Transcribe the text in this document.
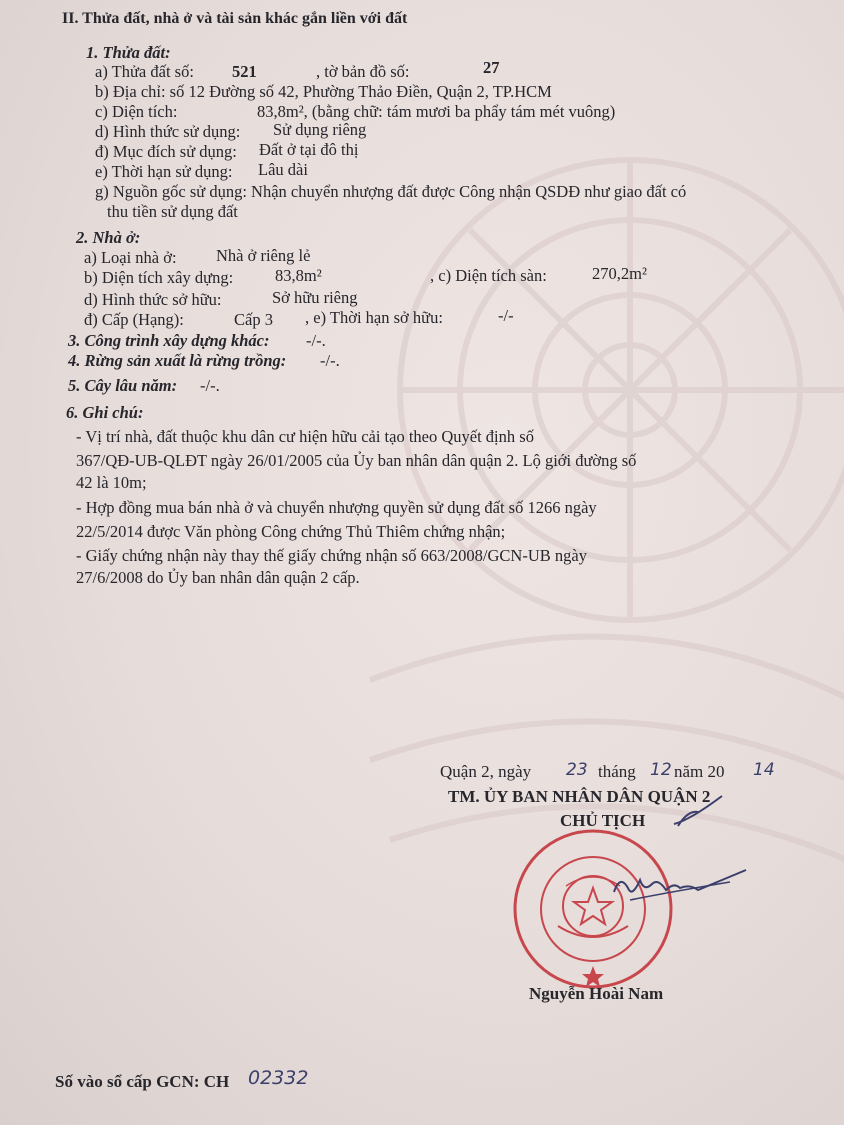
II. Thửa đất, nhà ở và tài sản khác gắn liền với đất
1. Thửa đất:
a) Thửa đất số: 521	, tờ bản đồ số:	27
b) Địa chỉ: số 12 Đường số 42, Phường Thảo Điền, Quận 2, TP.HCM
c) Diện tích:	83,8m², (bằng chữ: tám mươi ba phẩy tám mét vuông)
d) Hình thức sử dụng: Sử dụng riêng
đ) Mục đích sử dụng: Đất ở tại đô thị
e) Thời hạn sử dụng: Lâu dài
g) Nguồn gốc sử dụng: Nhận chuyển nhượng đất được Công nhận QSDĐ như giao đất có
thu tiền sử dụng đất
2. Nhà ở:
a) Loại nhà ở: Nhà ở riêng lẻ
b) Diện tích xây dựng:	83,8m²	, c) Diện tích sàn:	270,2m²
d) Hình thức sở hữu:	Sở hữu riêng
đ) Cấp (Hạng):	Cấp 3 , e) Thời hạn sở hữu:	-/-
3. Công trình xây dựng khác: -/-.
4. Rừng sản xuất là rừng trồng: -/-.
5. Cây lâu năm: -/-.
6. Ghi chú:
- Vị trí nhà, đất thuộc khu dân cư hiện hữu cải tạo theo Quyết định số
367/QĐ-UB-QLĐT ngày 26/01/2005 của Ủy ban nhân dân quận 2. Lộ giới đường số
42 là 10m;
- Hợp đồng mua bán nhà ở và chuyển nhượng quyền sử dụng đất số 1266 ngày
22/5/2014 được Văn phòng Công chứng Thủ Thiêm chứng nhận;
- Giấy chứng nhận này thay thế giấy chứng nhận số 663/2008/GCN-UB ngày
27/6/2008 do Ủy ban nhân dân quận 2 cấp.
Quận 2, ngày 23 tháng 12 năm 20 14
TM. ỦY BAN NHÂN DÂN QUẬN 2
CHỦ TỊCH
Nguyễn Hoài Nam
Số vào sổ cấp GCN: CH 02332
